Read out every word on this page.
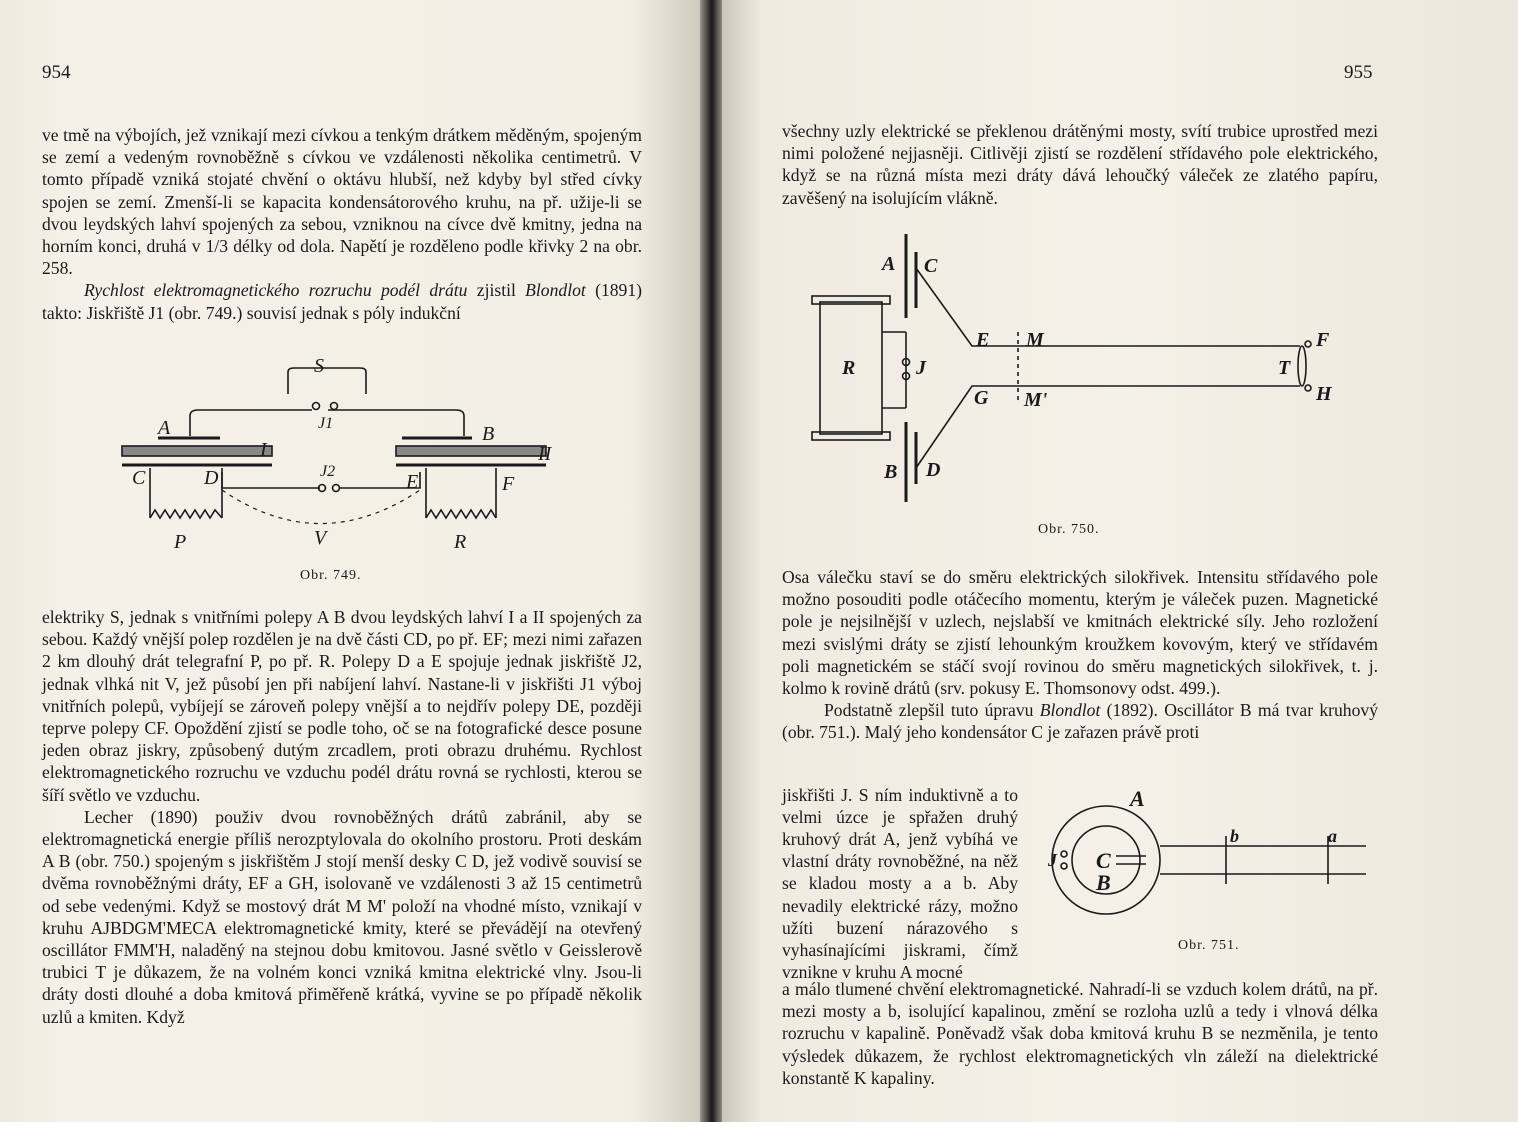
954

ve tmě na výbojích, jež vznikají mezi cívkou a tenkým drátkem měděným, spojeným se zemí a vedeným rovnoběžně s cívkou ve vzdálenosti několika centimetrů. V tomto případě vzniká stojaté chvění o oktávu hlubší, než kdyby byl střed cívky spojen se zemí. Zmenší-li se kapacita kondensátorového kruhu, na př. užije-li se dvou leydských lahví spojených za sebou, vzniknou na cívce dvě kmitny, jedna na horním konci, druhá v 1/3 délky od dola. Napětí je rozděleno podle křivky 2 na obr. 258.

Rychlost elektromagnetického rozruchu podél drátu zjistil Blondlot (1891) takto: Jiskřiště J1 (obr. 749.) souvisí jednak s póly indukční

S
A	B
C	D	E	F
I	II
P	V	R
J1
J2
Obr. 749.

elektriky S, jednak s vnitřními polepy A B dvou leydských lahví I a II spojených za sebou. Každý vnější polep rozdělen je na dvě části CD, po př. EF; mezi nimi zařazen 2 km dlouhý drát telegrafní P, po př. R. Polepy D a E spojuje jednak jiskřiště J2, jednak vlhká nit V, jež působí jen při nabíjení lahví. Nastane-li v jiskřišti J1 výboj vnitřních polepů, vybíjejí se zároveň polepy vnější a to nejdřív polepy DE, později teprve polepy CF. Opoždění zjistí se podle toho, oč se na fotografické desce posune jeden obraz jiskry, způsobený dutým zrcadlem, proti obrazu druhému. Rychlost elektromagnetického rozruchu ve vzduchu podél drátu rovná se rychlosti, kterou se šíří světlo ve vzduchu.

Lecher (1890) použiv dvou rovnoběžných drátů zabránil, aby se elektromagnetická energie příliš nerozptylovala do okolního prostoru. Proti deskám A B (obr. 750.) spojeným s jiskřištěm J stojí menší desky C D, jež vodivě souvisí se dvěma rovnoběžnými dráty, EF a GH, isolovaně ve vzdálenosti 3 až 15 centimetrů od sebe vedenými. Když se mostový drát M M' položí na vhodné místo, vznikají v kruhu AJBDGM'MECA elektromagnetické kmity, které se převádějí na otevřený oscillátor FMM'H, naladěný na stejnou dobu kmitovou. Jasné světlo v Geisslerově trubici T je důkazem, že na volném konci vzniká kmitna elektrické vlny. Jsou-li dráty dosti dlouhé a doba kmitová přiměřeně krátká, vyvine se po případě několik uzlů a kmiten. Když

955

všechny uzly elektrické se překlenou drátěnými mosty, svítí trubice uprostřed mezi nimi položené nejjasněji. Citlivěji zjistí se rozdělení střídavého pole elektrického, když se na různá místa mezi dráty dává lehoučký váleček ze zlatého papíru, zavěšený na isolujícím vlákně.

A C
R	J
E M
G M'
T
F
H
B D
Obr. 750.

Osa válečku staví se do směru elektrických silokřivek. Intensitu střídavého pole možno posouditi podle otáčecího momentu, kterým je váleček puzen. Magnetické pole je nejsilnější v uzlech, nejslabší ve kmitnách elektrické síly. Jeho rozložení mezi svislými dráty se zjistí lehounkým kroužkem kovovým, který ve střídavém poli magnetickém se stáčí svojí rovinou do směru magnetických silokřivek, t. j. kolmo k rovině drátů (srv. pokusy E. Thomsonovy odst. 499.).

Podstatně zlepšil tuto úpravu Blondlot (1892). Oscillátor B má tvar kruhový (obr. 751.). Malý jeho kondensátor C je zařazen právě proti

jiskřišti J. S ním induktivně a to velmi úzce je spřažen druhý kruhový drát A, jenž vybíhá ve vlastní dráty rovnoběžné, na něž se kladou mosty a a b. Aby nevadily elektrické rázy, možno užíti buzení nárazového s vyhasínajícími jiskrami, čímž vznikne v kruhu A mocné

A
J C
B
b	a
Obr. 751.

a málo tlumené chvění elektromagnetické. Nahradí-li se vzduch kolem drátů, na př. mezi mosty a b, isolující kapalinou, změní se rozloha uzlů a tedy i vlnová délka rozruchu v kapalině. Poněvadž však doba kmitová kruhu B se nezměnila, je tento výsledek důkazem, že rychlost elektromagnetických vln záleží na dielektrické konstantě K kapaliny.
